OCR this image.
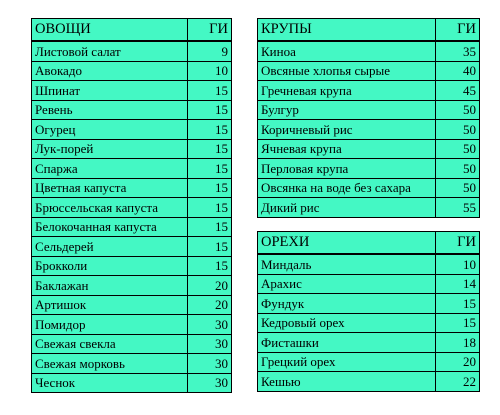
ОВОЩИ	ГИ
Листовой салат	9
Авокадо	10
Шпинат	15
Ревень	15
Огурец	15
Лук-порей	15
Спаржа	15
Цветная капуста	15
Брюссельская капуста	15
Белокочанная капуста	15
Сельдерей	15
Брокколи	15
Баклажан	20
Артишок	20
Помидор	30
Свежая свекла	30
Свежая морковь	30
Чеснок	30
КРУПЫ	ГИ
Киноа	35
Овсяные хлопья сырые	40
Гречневая крупа	45
Булгур	50
Коричневый рис	50
Ячневая крупа	50
Перловая крупа	50
Овсянка на воде без сахара	50
Дикий рис	55
ОРЕХИ	ГИ
Миндаль	10
Арахис	14
Фундук	15
Кедровый орех	15
Фисташки	18
Грецкий орех	20
Кешью	22
